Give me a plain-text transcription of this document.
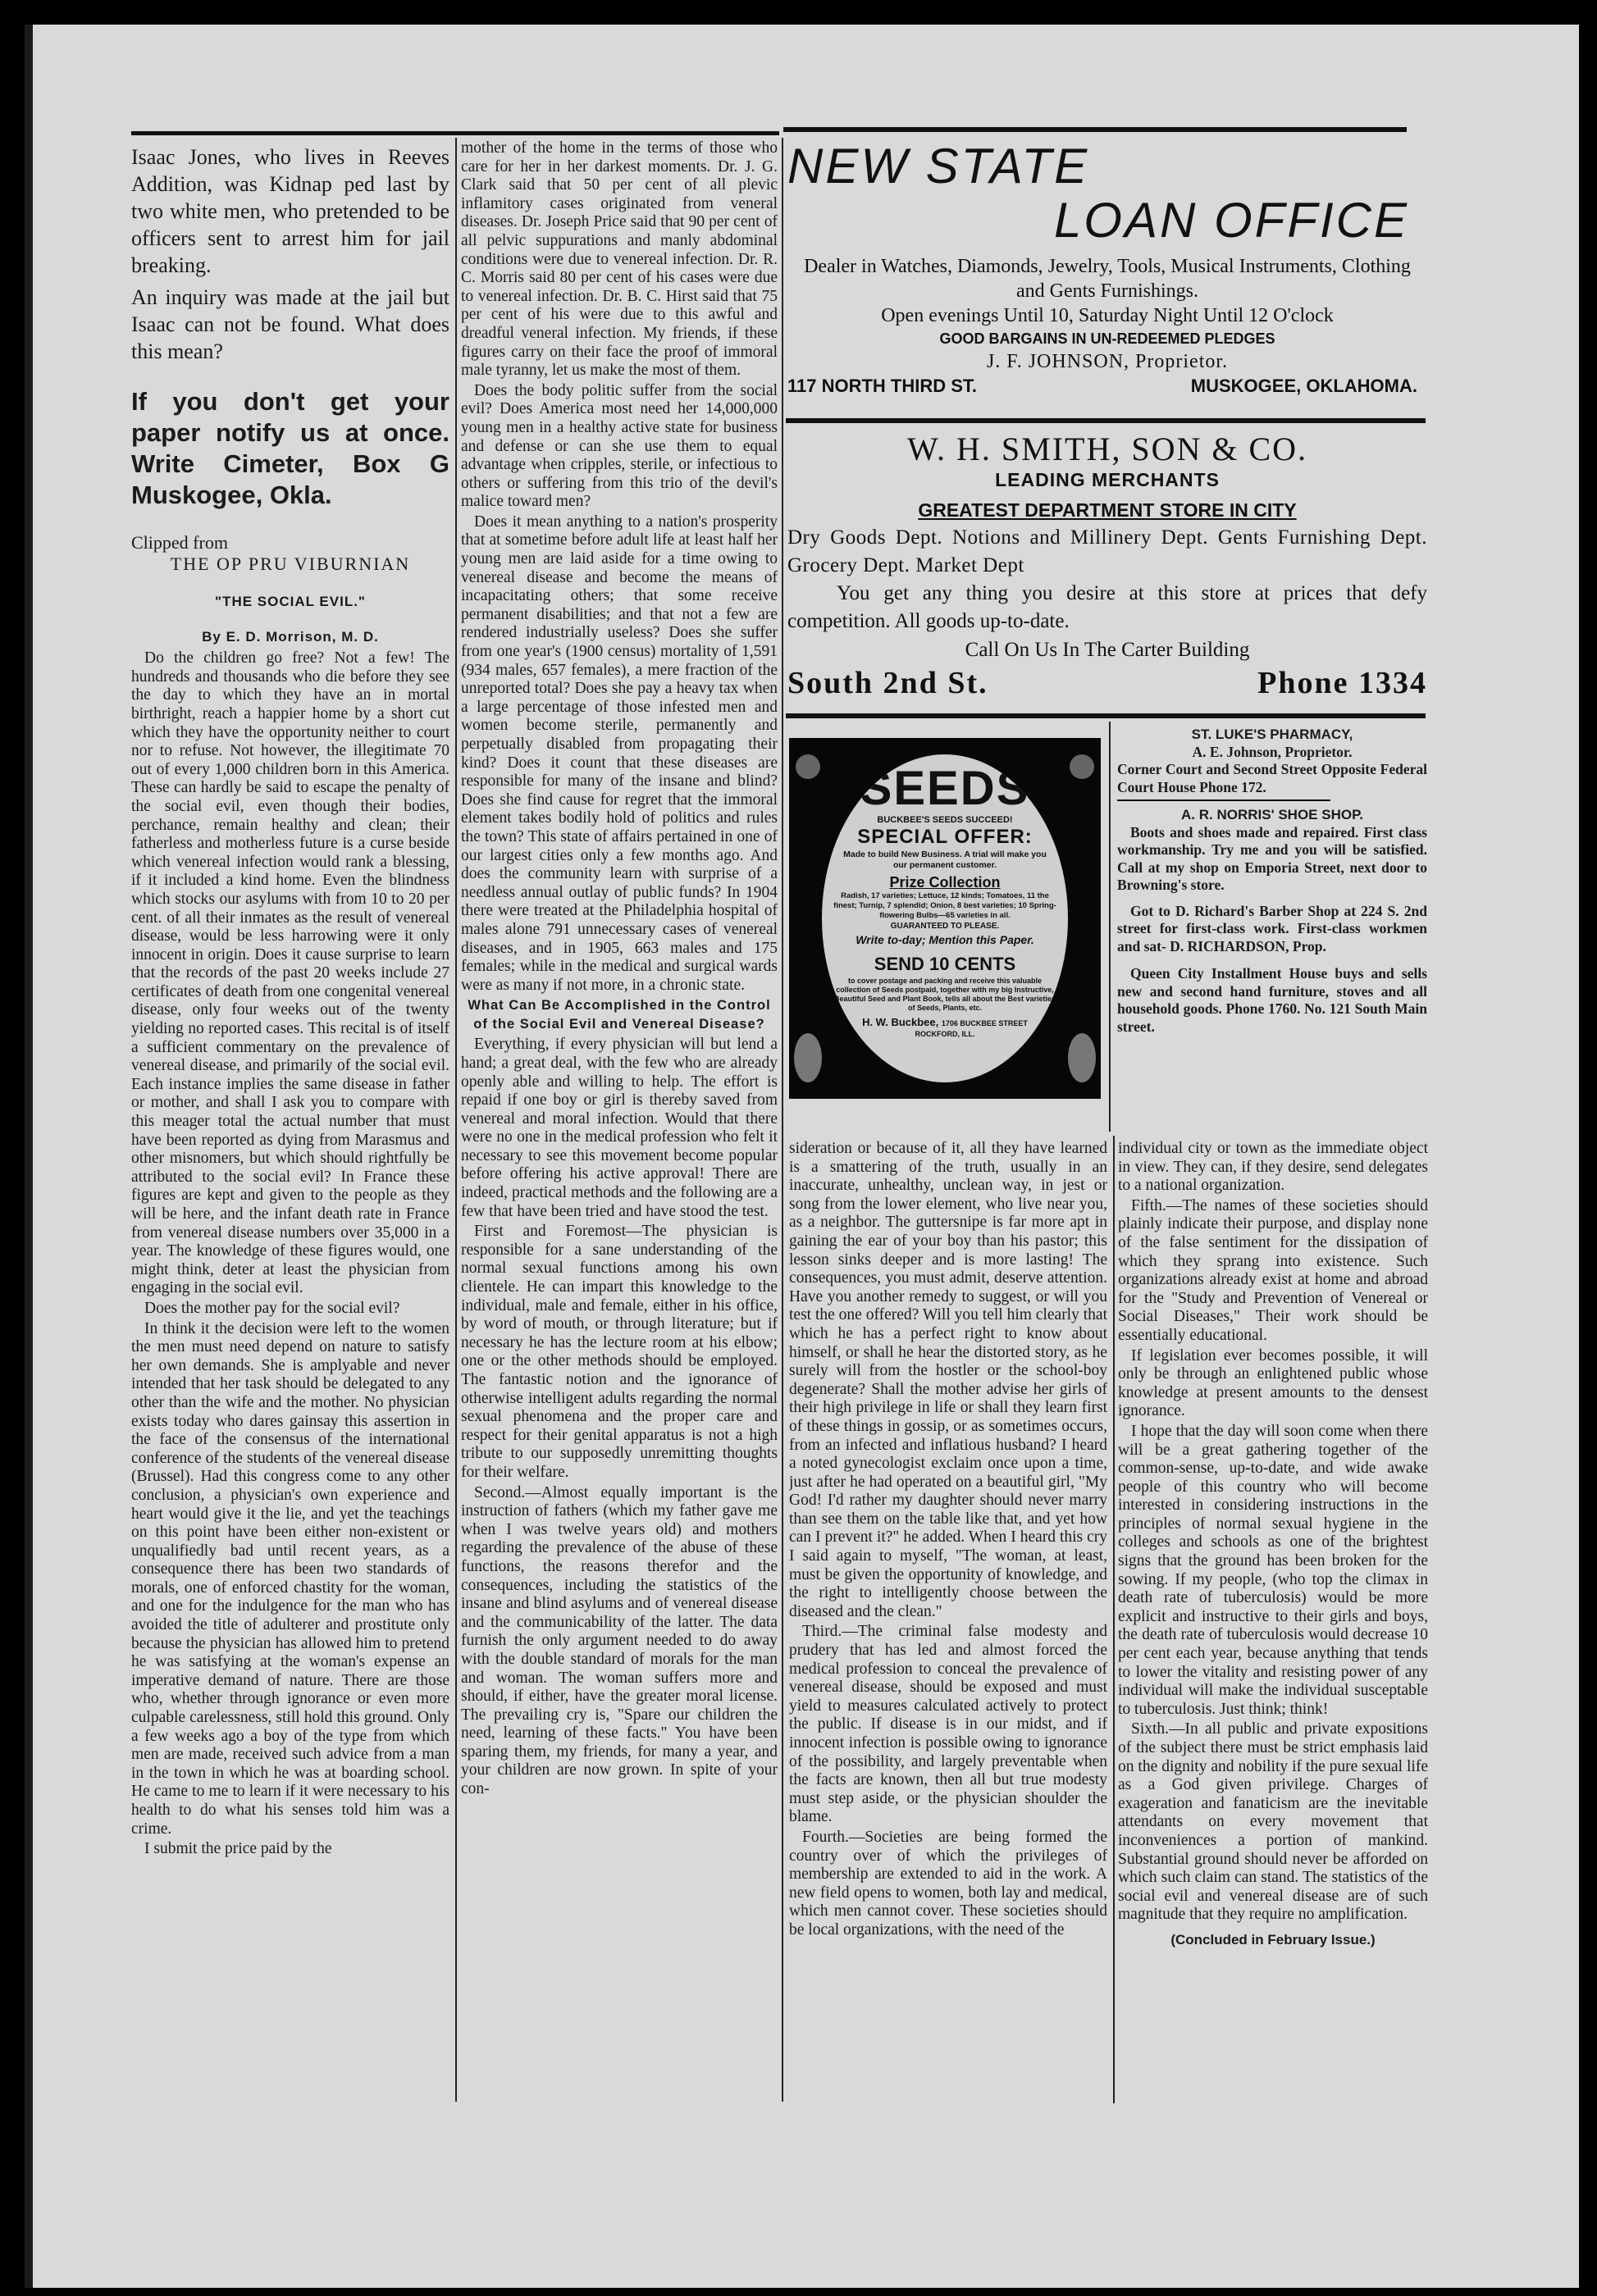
Isaac Jones, who lives in Reeves Addition, was Kidnap ped last by two white men, who pretended to be officers sent to arrest him for jail breaking.

An inquiry was made at the jail but Isaac can not be found. What does this mean?

If you don't get your paper notify us at once. Write Cimeter, Box G Muskogee, Okla.
Clipped from
THE OP PRU VIBURNIAN
"THE SOCIAL EVIL."
By E. D. Morrison, M. D.

Do the children go free? Not a few! The hundreds and thousands who die before they see the day to which they have an in mortal birthright, reach a happier home by a short cut which they have the opportunity neither to court nor to refuse. Not however, the illegitimate 70 out of every 1,000 children born in this America. These can hardly be said to escape the penalty of the social evil, even though their bodies, perchance, remain healthy and clean; their fatherless and motherless future is a curse beside which venereal infection would rank a blessing, if it included a kind home. Even the blindness which stocks our asylums with from 10 to 20 per cent. of all their inmates as the result of venereal disease, would be less harrowing were it only innocent in origin. Does it cause surprise to learn that the records of the past 20 weeks include 27 certificates of death from one congenital venereal disease, only four weeks out of the twenty yielding no reported cases. This recital is of itself a sufficient commentary on the prevalence of venereal disease, and primarily of the social evil. Each instance implies the same disease in father or mother, and shall I ask you to compare with this meager total the actual number that must have been reported as dying from Marasmus and other misnomers, but which should rightfully be attributed to the social evil? In France these figures are kept and given to the people as they will be here, and the infant death rate in France from venereal disease numbers over 35,000 in a year. The knowledge of these figures would, one might think, deter at least the physician from engaging in the social evil.

Does the mother pay for the social evil?

In think it the decision were left to the women the men must need depend on nature to satisfy her own demands. She is amplyable and never intended that her task should be delegated to any other than the wife and the mother. No physician exists today who dares gainsay this assertion in the face of the consensus of the international conference of the students of the venereal disease (Brussel). Had this congress come to any other conclusion, a physician's own experience and heart would give it the lie, and yet the teachings on this point have been either non-existent or unqualifiedly bad until recent years, as a consequence there has been two standards of morals, one of enforced chastity for the woman, and one for the indulgence for the man who has avoided the title of adulterer and prostitute only because the physician has allowed him to pretend he was satisfying at the woman's expense an imperative demand of nature. There are those who, whether through ignorance or even more culpable carelessness, still hold this ground. Only a few weeks ago a boy of the type from which men are made, received such advice from a man in the town in which he was at boarding school. He came to me to learn if it were necessary to his health to do what his senses told him was a crime.

I submit the price paid by the

mother of the home in the terms of those who care for her in her darkest moments. Dr. J. G. Clark said that 50 per cent of all plevic inflamitory cases originated from veneral diseases. Dr. Joseph Price said that 90 per cent of all pelvic suppurations and manly abdominal conditions were due to venereal infection. Dr. R. C. Morris said 80 per cent of his cases were due to venereal infection. Dr. B. C. Hirst said that 75 per cent of his were due to this awful and dreadful veneral infection. My friends, if these figures carry on their face the proof of immoral male tyranny, let us make the most of them.

Does the body politic suffer from the social evil? Does America most need her 14,000,000 young men in a healthy active state for business and defense or can she use them to equal advantage when cripples, sterile, or infectious to others or suffering from this trio of the devil's malice toward men?

Does it mean anything to a nation's prosperity that at sometime before adult life at least half her young men are laid aside for a time owing to venereal disease and become the means of incapacitating others; that some receive permanent disabilities; and that not a few are rendered industrially useless? Does she suffer from one year's (1900 census) mortality of 1,591 (934 males, 657 females), a mere fraction of the unreported total? Does she pay a heavy tax when a large percentage of those infested men and women become sterile, permanently and perpetually disabled from propagating their kind? Does it count that these diseases are responsible for many of the insane and blind? Does she find cause for regret that the immoral element takes bodily hold of politics and rules the town? This state of affairs pertained in one of our largest cities only a few months ago. And does the community learn with surprise of a needless annual outlay of public funds? In 1904 there were treated at the Philadelphia hospital of males alone 791 unnecessary cases of venereal diseases, and in 1905, 663 males and 175 females; while in the medical and surgical wards were as many if not more, in a chronic state.

What Can Be Accomplished in the Control of the Social Evil and Venereal Disease?

Everything, if every physician will but lend a hand; a great deal, with the few who are already openly able and willing to help. The effort is repaid if one boy or girl is thereby saved from venereal and moral infection. Would that there were no one in the medical profession who felt it necessary to see this movement become popular before offering his active approval! There are indeed, practical methods and the following are a few that have been tried and have stood the test.

First and Foremost—The physician is responsible for a sane understanding of the normal sexual functions among his own clientele. He can impart this knowledge to the individual, male and female, either in his office, by word of mouth, or through literature; but if necessary he has the lecture room at his elbow; one or the other methods should be employed. The fantastic notion and the ignorance of otherwise intelligent adults regarding the normal sexual phenomena and the proper care and respect for their genital apparatus is not a high tribute to our supposedly unremitting thoughts for their welfare.

Second.—Almost equally important is the instruction of fathers (which my father gave me when I was twelve years old) and mothers regarding the prevalence of the abuse of these functions, the reasons therefor and the consequences, including the statistics of the insane and blind asylums and of venereal disease and the communicability of the latter. The data furnish the only argument needed to do away with the double standard of morals for the man and woman. The woman suffers more and should, if either, have the greater moral license. The prevailing cry is, "Spare our children the need, learning of these facts." You have been sparing them, my friends, for many a year, and your children are now grown. In spite of your con-

NEW STATE
LOAN OFFICE
Dealer in Watches, Diamonds, Jewelry, Tools, Musical Instruments, Clothing and Gents Furnishings.
Open evenings Until 10, Saturday Night Until 12 O'clock
GOOD BARGAINS IN UN-REDEEMED PLEDGES
J. F. JOHNSON, Proprietor.
117 NORTH THIRD ST.	MUSKOGEE, OKLAHOMA.
W. H. SMITH, SON & CO.
LEADING MERCHANTS
GREATEST DEPARTMENT STORE IN CITY
Dry Goods Dept. Notions and Millinery Dept. Gents Furnishing Dept. Grocery Dept. Market Dept
You get any thing you desire at this store at prices that defy competition. All goods up-to-date.
Call On Us In The Carter Building
South 2nd St.	Phone 1334
SEEDS
BUCKBEE'S SEEDS SUCCEED!
SPECIAL OFFER:
Made to build New Business. A trial will make you our permanent customer.
Prize Collection
Radish, 17 varieties; Lettuce, 12 kinds; Tomatoes, 11 the finest; Turnip, 7 splendid; Onion, 8 best varieties; 10 Spring-flowering Bulbs—65 varieties in all.
GUARANTEED TO PLEASE.
Write to-day; Mention this Paper.
SEND 10 CENTS
to cover postage and packing and receive this valuable collection of Seeds postpaid, together with my big Instructive, Beautiful Seed and Plant Book, tells all about the Best varieties of Seeds, Plants, etc.
H. W. Buckbee, 1706 BUCKBEE STREET
ROCKFORD, ILL.
ST. LUKE'S PHARMACY,
A. E. Johnson, Proprietor.

Corner Court and Second Street Opposite Federal Court House Phone 172.

A. R. NORRIS' SHOE SHOP.

Boots and shoes made and repaired. First class workmanship. Try me and you will be satisfied. Call at my shop on Emporia Street, next door to Browning's store.

Got to D. Richard's Barber Shop at 224 S. 2nd street for first-class work. First-class workmen and sat- D. RICHARDSON, Prop.

Queen City Installment House buys and sells new and second hand furniture, stoves and all household goods. Phone 1760. No. 121 South Main street.

sideration or because of it, all they have learned is a smattering of the truth, usually in an inaccurate, unhealthy, unclean way, in jest or song from the lower element, who live near you, as a neighbor. The guttersnipe is far more apt in gaining the ear of your boy than his pastor; this lesson sinks deeper and is more lasting! The consequences, you must admit, deserve attention. Have you another remedy to suggest, or will you test the one offered? Will you tell him clearly that which he has a perfect right to know about himself, or shall he hear the distorted story, as he surely will from the hostler or the school-boy degenerate? Shall the mother advise her girls of their high privilege in life or shall they learn first of these things in gossip, or as sometimes occurs, from an infected and inflatious husband? I heard a noted gynecologist exclaim once upon a time, just after he had operated on a beautiful girl, "My God! I'd rather my daughter should never marry than see them on the table like that, and yet how can I prevent it?" he added. When I heard this cry I said again to myself, "The woman, at least, must be given the opportunity of knowledge, and the right to intelligently choose between the diseased and the clean."

Third.—The criminal false modesty and prudery that has led and almost forced the medical profession to conceal the prevalence of venereal disease, should be exposed and must yield to measures calculated actively to protect the public. If disease is in our midst, and if innocent infection is possible owing to ignorance of the possibility, and largely preventable when the facts are known, then all but true modesty must step aside, or the physician shoulder the blame.

Fourth.—Societies are being formed the country over of which the privileges of membership are extended to aid in the work. A new field opens to women, both lay and medical, which men cannot cover. These societies should be local organizations, with the need of the

individual city or town as the immediate object in view. They can, if they desire, send delegates to a national organization.

Fifth.—The names of these societies should plainly indicate their purpose, and display none of the false sentiment for the dissipation of which they sprang into existence. Such organizations already exist at home and abroad for the "Study and Prevention of Venereal or Social Diseases," Their work should be essentially educational.

If legislation ever becomes possible, it will only be through an enlightened public whose knowledge at present amounts to the densest ignorance.

I hope that the day will soon come when there will be a great gathering together of the common-sense, up-to-date, and wide awake people of this country who will become interested in considering instructions in the principles of normal sexual hygiene in the colleges and schools as one of the brightest signs that the ground has been broken for the sowing. If my people, (who top the climax in death rate of tuberculosis) would be more explicit and instructive to their girls and boys, the death rate of tuberculosis would decrease 10 per cent each year, because anything that tends to lower the vitality and resisting power of any individual will make the individual susceptable to tuberculosis. Just think; think!

Sixth.—In all public and private expositions of the subject there must be strict emphasis laid on the dignity and nobility if the pure sexual life as a God given privilege. Charges of exageration and fanaticism are the inevitable attendants on every movement that inconveniences a portion of mankind. Substantial ground should never be afforded on which such claim can stand. The statistics of the social evil and venereal disease are of such magnitude that they require no amplification.

(Concluded in February Issue.)
